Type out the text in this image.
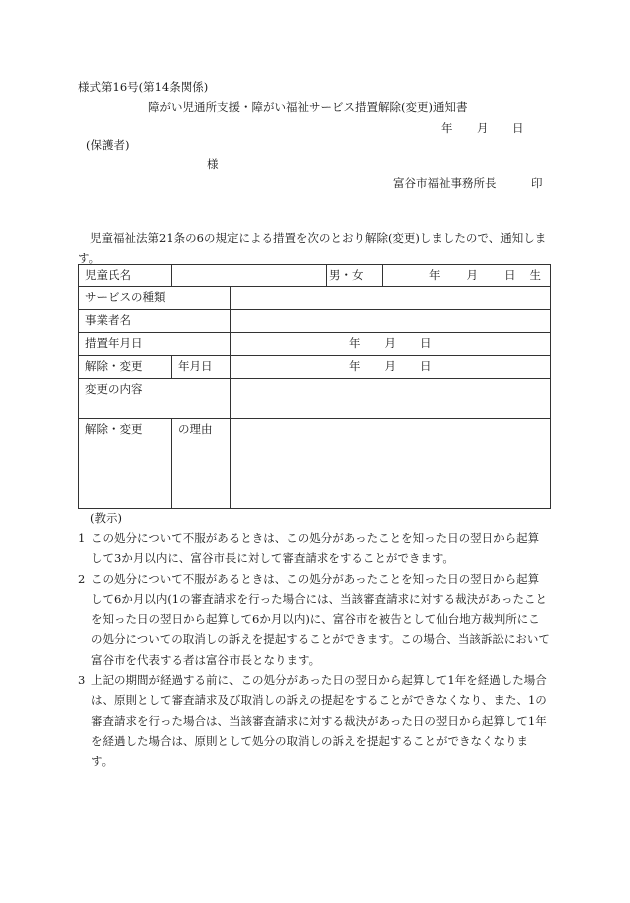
様式第16号(第14条関係)
障がい児通所支援・障がい福祉サービス措置解除(変更)通知書
年 月 日
(保護者)
様
富谷市福祉事務所長	印
児童福祉法第21条の6の規定による措置を次のとおり解除(変更)しましたので、通知します。
児童氏名			男・女	年 月 日 生
サービスの種類				
事業者名				
措置年月日		年 月 日		
解除・変更	年月日	年 月 日		
変更の内容				
解除・変更	の理由			
(教示)
1 この処分について不服があるときは、この処分があったことを知った日の翌日から起算して3か月以内に、富谷市長に対して審査請求をすることができます。
2 この処分について不服があるときは、この処分があったことを知った日の翌日から起算して6か月以内(1の審査請求を行った場合には、当該審査請求に対する裁決があったことを知った日の翌日から起算して6か月以内)に、富谷市を被告として仙台地方裁判所にこの処分についての取消しの訴えを提起することができます。この場合、当該訴訟において富谷市を代表する者は富谷市長となります。
3 上記の期間が経過する前に、この処分があった日の翌日から起算して1年を経過した場合は、原則として審査請求及び取消しの訴えの提起をすることができなくなり、また、1の審査請求を行った場合は、当該審査請求に対する裁決があった日の翌日から起算して1年を経過した場合は、原則として処分の取消しの訴えを提起することができなくなります。
